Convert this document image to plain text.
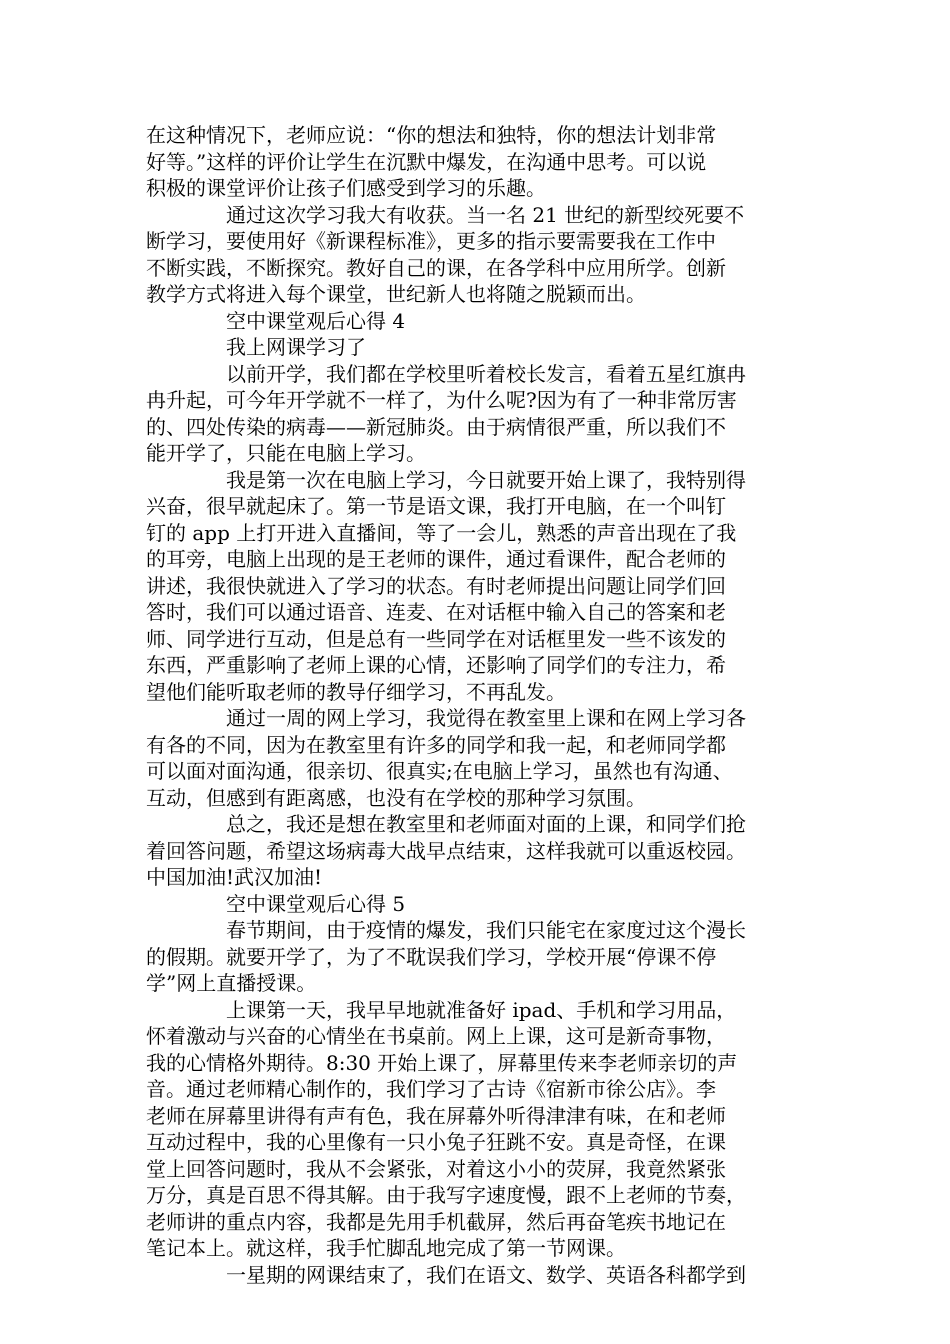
在这种情况下，老师应说：“你的想法和独特，你的想法计划非常
好等。”这样的评价让学生在沉默中爆发，在沟通中思考。可以说
积极的课堂评价让孩子们感受到学习的乐趣。
通过这次学习我大有收获。当一名 21 世纪的新型绞死要不
断学习，要使用好《新课程标准》，更多的指示要需要我在工作中
不断实践，不断探究。教好自己的课，在各学科中应用所学。创新
教学方式将进入每个课堂，世纪新人也将随之脱颖而出。
空中课堂观后心得 4
我上网课学习了
以前开学，我们都在学校里听着校长发言，看着五星红旗冉
冉升起，可今年开学就不一样了，为什么呢?因为有了一种非常厉害
的、四处传染的病毒——新冠肺炎。由于病情很严重，所以我们不
能开学了，只能在电脑上学习。
我是第一次在电脑上学习，今日就要开始上课了，我特别得
兴奋，很早就起床了。第一节是语文课，我打开电脑，在一个叫钉
钉的 app 上打开进入直播间，等了一会儿，熟悉的声音出现在了我
的耳旁，电脑上出现的是王老师的课件，通过看课件，配合老师的
讲述，我很快就进入了学习的状态。有时老师提出问题让同学们回
答时，我们可以通过语音、连麦、在对话框中输入自己的答案和老
师、同学进行互动，但是总有一些同学在对话框里发一些不该发的
东西，严重影响了老师上课的心情，还影响了同学们的专注力，希
望他们能听取老师的教导仔细学习，不再乱发。
通过一周的网上学习，我觉得在教室里上课和在网上学习各
有各的不同，因为在教室里有许多的同学和我一起，和老师同学都
可以面对面沟通，很亲切、很真实;在电脑上学习，虽然也有沟通、
互动，但感到有距离感，也没有在学校的那种学习氛围。
总之，我还是想在教室里和老师面对面的上课，和同学们抢
着回答问题，希望这场病毒大战早点结束，这样我就可以重返校园。
中国加油!武汉加油!
空中课堂观后心得 5
春节期间，由于疫情的爆发，我们只能宅在家度过这个漫长
的假期。就要开学了，为了不耽误我们学习，学校开展“停课不停
学”网上直播授课。
上课第一天，我早早地就准备好 ipad、手机和学习用品，
怀着激动与兴奋的心情坐在书桌前。网上上课，这可是新奇事物，
我的心情格外期待。8:30 开始上课了，屏幕里传来李老师亲切的声
音。通过老师精心制作的，我们学习了古诗《宿新市徐公店》。李
老师在屏幕里讲得有声有色，我在屏幕外听得津津有味，在和老师
互动过程中，我的心里像有一只小兔子狂跳不安。真是奇怪，在课
堂上回答问题时，我从不会紧张，对着这小小的荧屏，我竟然紧张
万分，真是百思不得其解。由于我写字速度慢，跟不上老师的节奏，
老师讲的重点内容，我都是先用手机截屏，然后再奋笔疾书地记在
笔记本上。就这样，我手忙脚乱地完成了第一节网课。
一星期的网课结束了，我们在语文、数学、英语各科都学到
